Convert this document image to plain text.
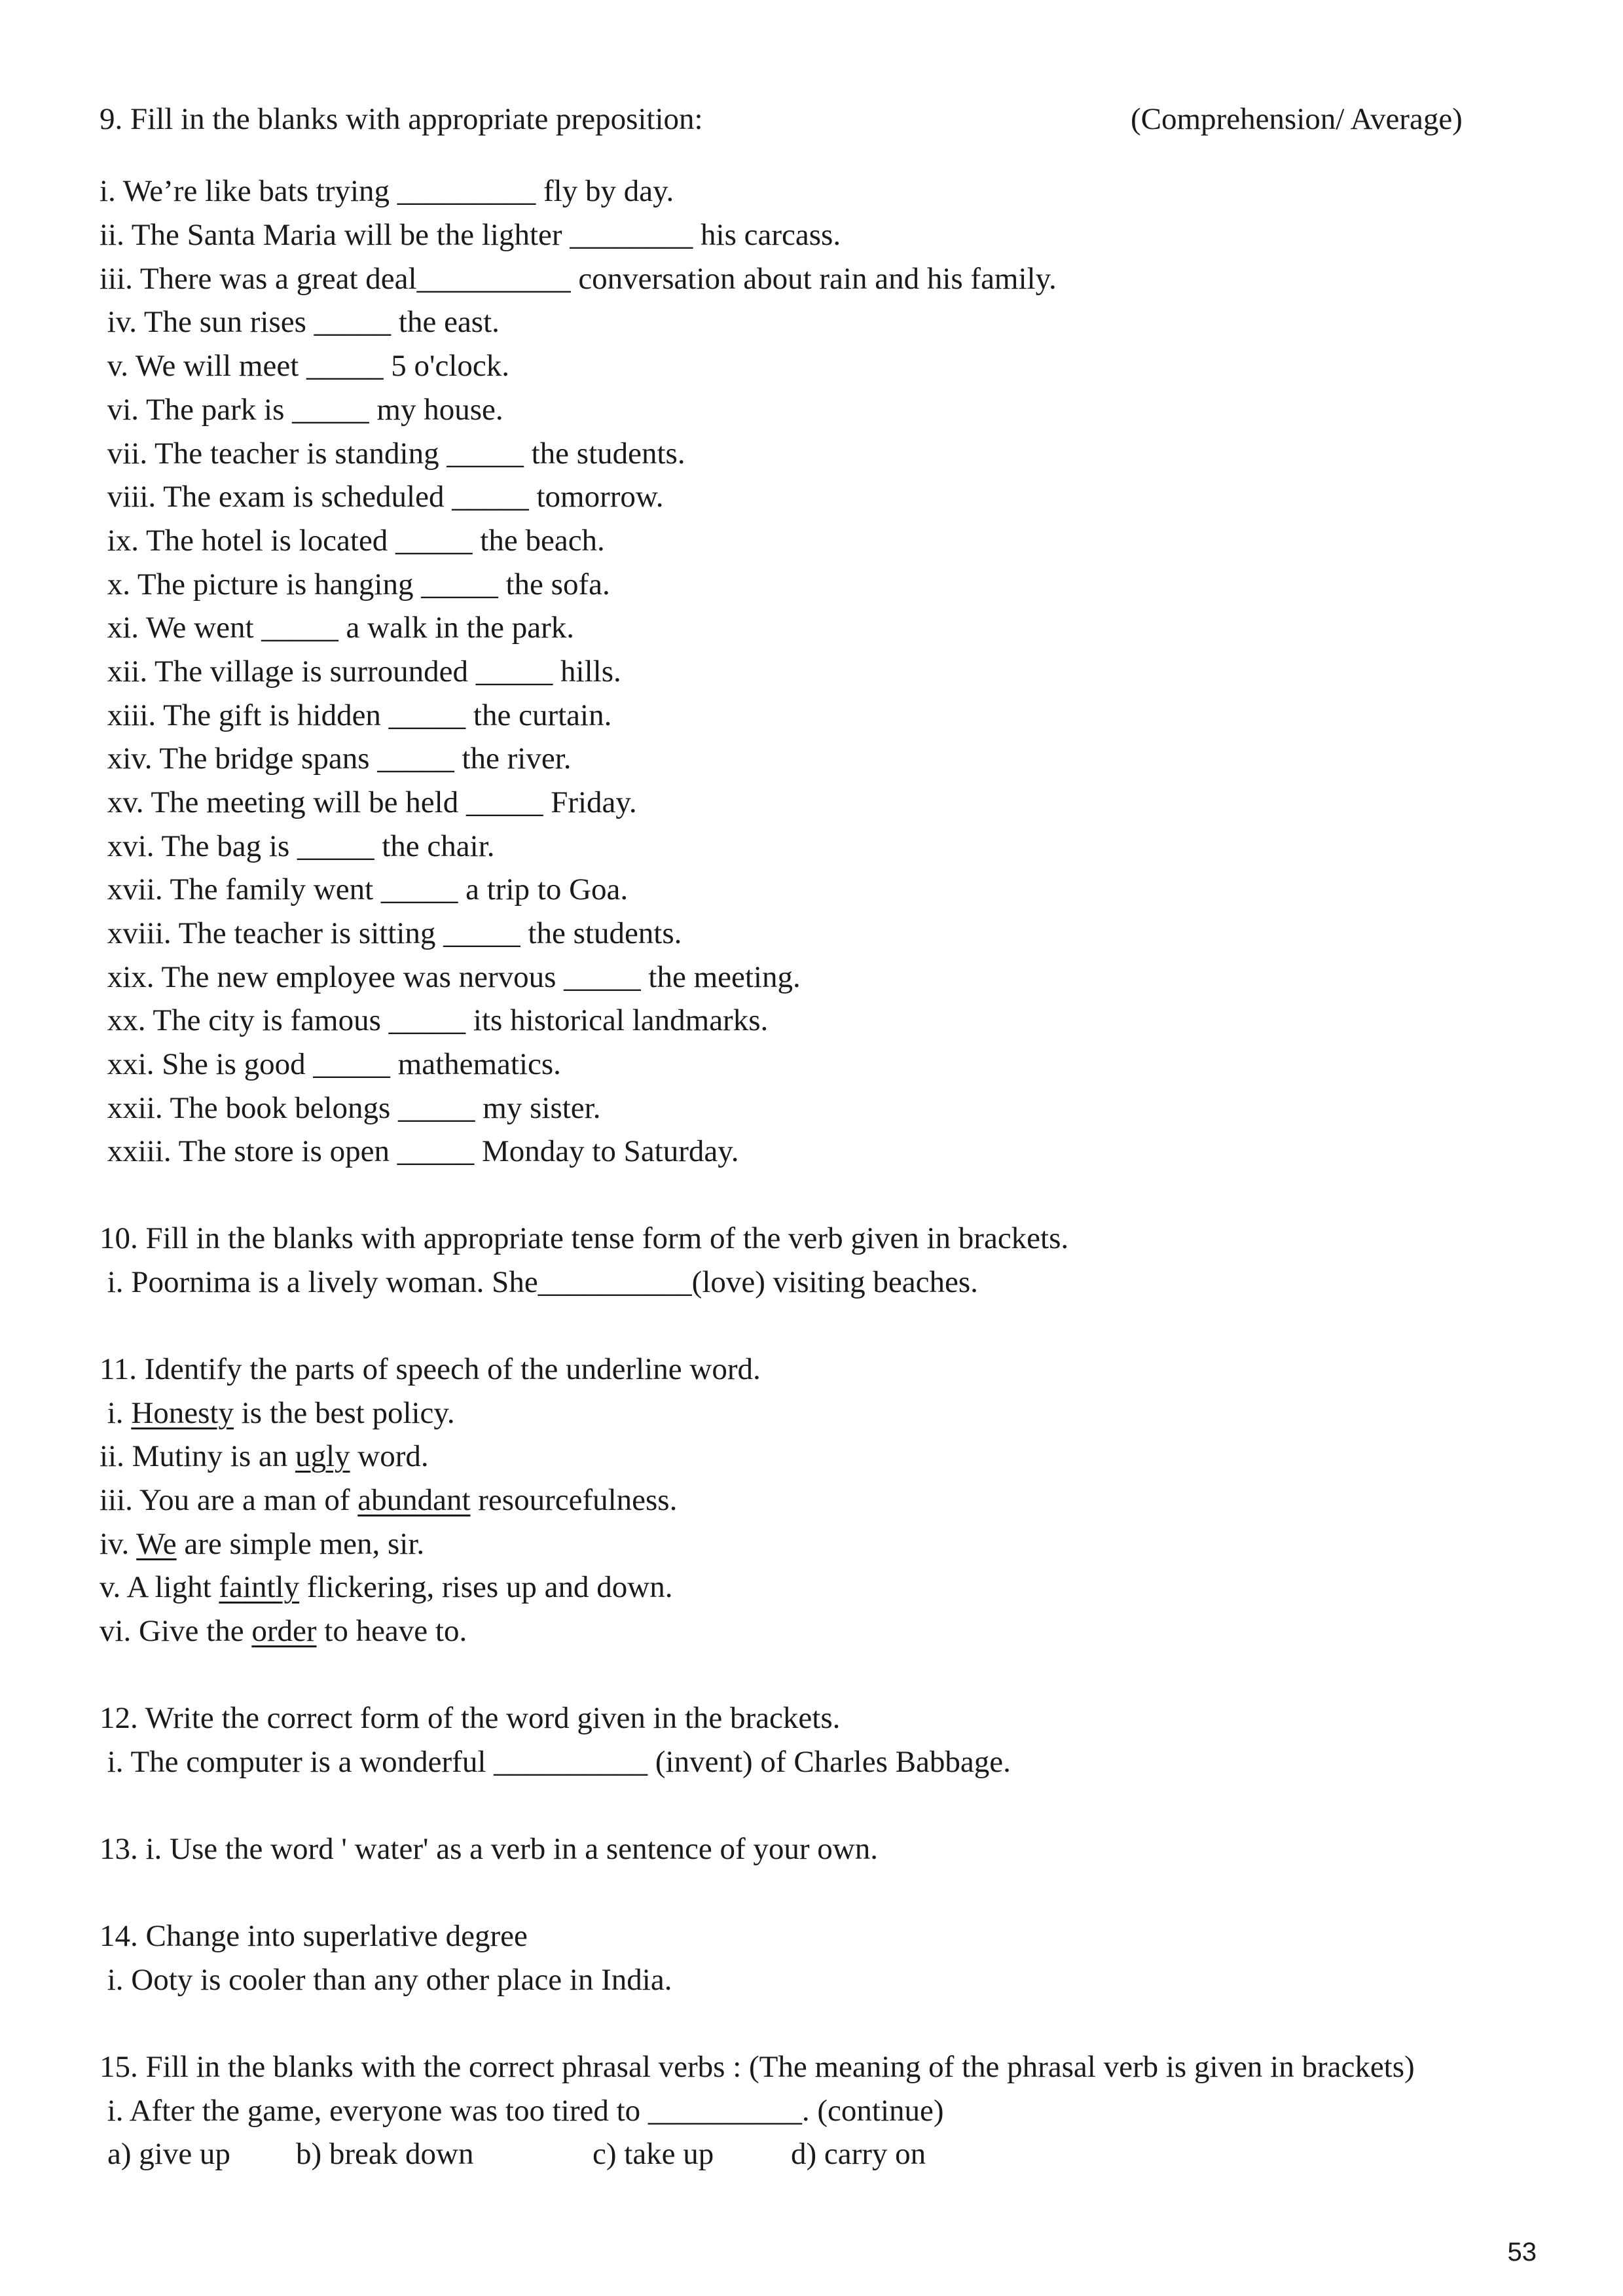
9. Fill in the blanks with appropriate preposition:	(Comprehension/ Average)
i. We’re like bats trying _________ fly by day.
ii. The Santa Maria will be the lighter ________ his carcass.
iii. There was a great deal__________ conversation about rain and his family.
iv. The sun rises _____ the east.
v. We will meet _____ 5 o'clock.
vi. The park is _____ my house.
vii. The teacher is standing _____ the students.
viii. The exam is scheduled _____ tomorrow.
ix. The hotel is located _____ the beach.
x. The picture is hanging _____ the sofa.
xi. We went _____ a walk in the park.
xii. The village is surrounded _____ hills.
xiii. The gift is hidden _____ the curtain.
xiv. The bridge spans _____ the river.
xv. The meeting will be held _____ Friday.
xvi. The bag is _____ the chair.
xvii. The family went _____ a trip to Goa.
xviii. The teacher is sitting _____ the students.
xix. The new employee was nervous _____ the meeting.
xx. The city is famous _____ its historical landmarks.
xxi. She is good _____ mathematics.
xxii. The book belongs _____ my sister.
xxiii. The store is open _____ Monday to Saturday.
10. Fill in the blanks with appropriate tense form of the verb given in brackets.
i. Poornima is a lively woman. She__________(love) visiting beaches.
11. Identify the parts of speech of the underline word.
i. Honesty is the best policy.
ii. Mutiny is an ugly word.
iii. You are a man of abundant resourcefulness.
iv. We are simple men, sir.
v. A light faintly flickering, rises up and down.
vi. Give the order to heave to.
12. Write the correct form of the word given in the brackets.
i. The computer is a wonderful __________ (invent) of Charles Babbage.
13. i. Use the word ' water' as a verb in a sentence of your own.
14. Change into superlative degree
i. Ooty is cooler than any other place in India.
15. Fill in the blanks with the correct phrasal verbs : (The meaning of the phrasal verb is given in brackets)
i. After the game, everyone was too tired to __________. (continue)
a) give up b) break down	c) take up	d) carry on
53
